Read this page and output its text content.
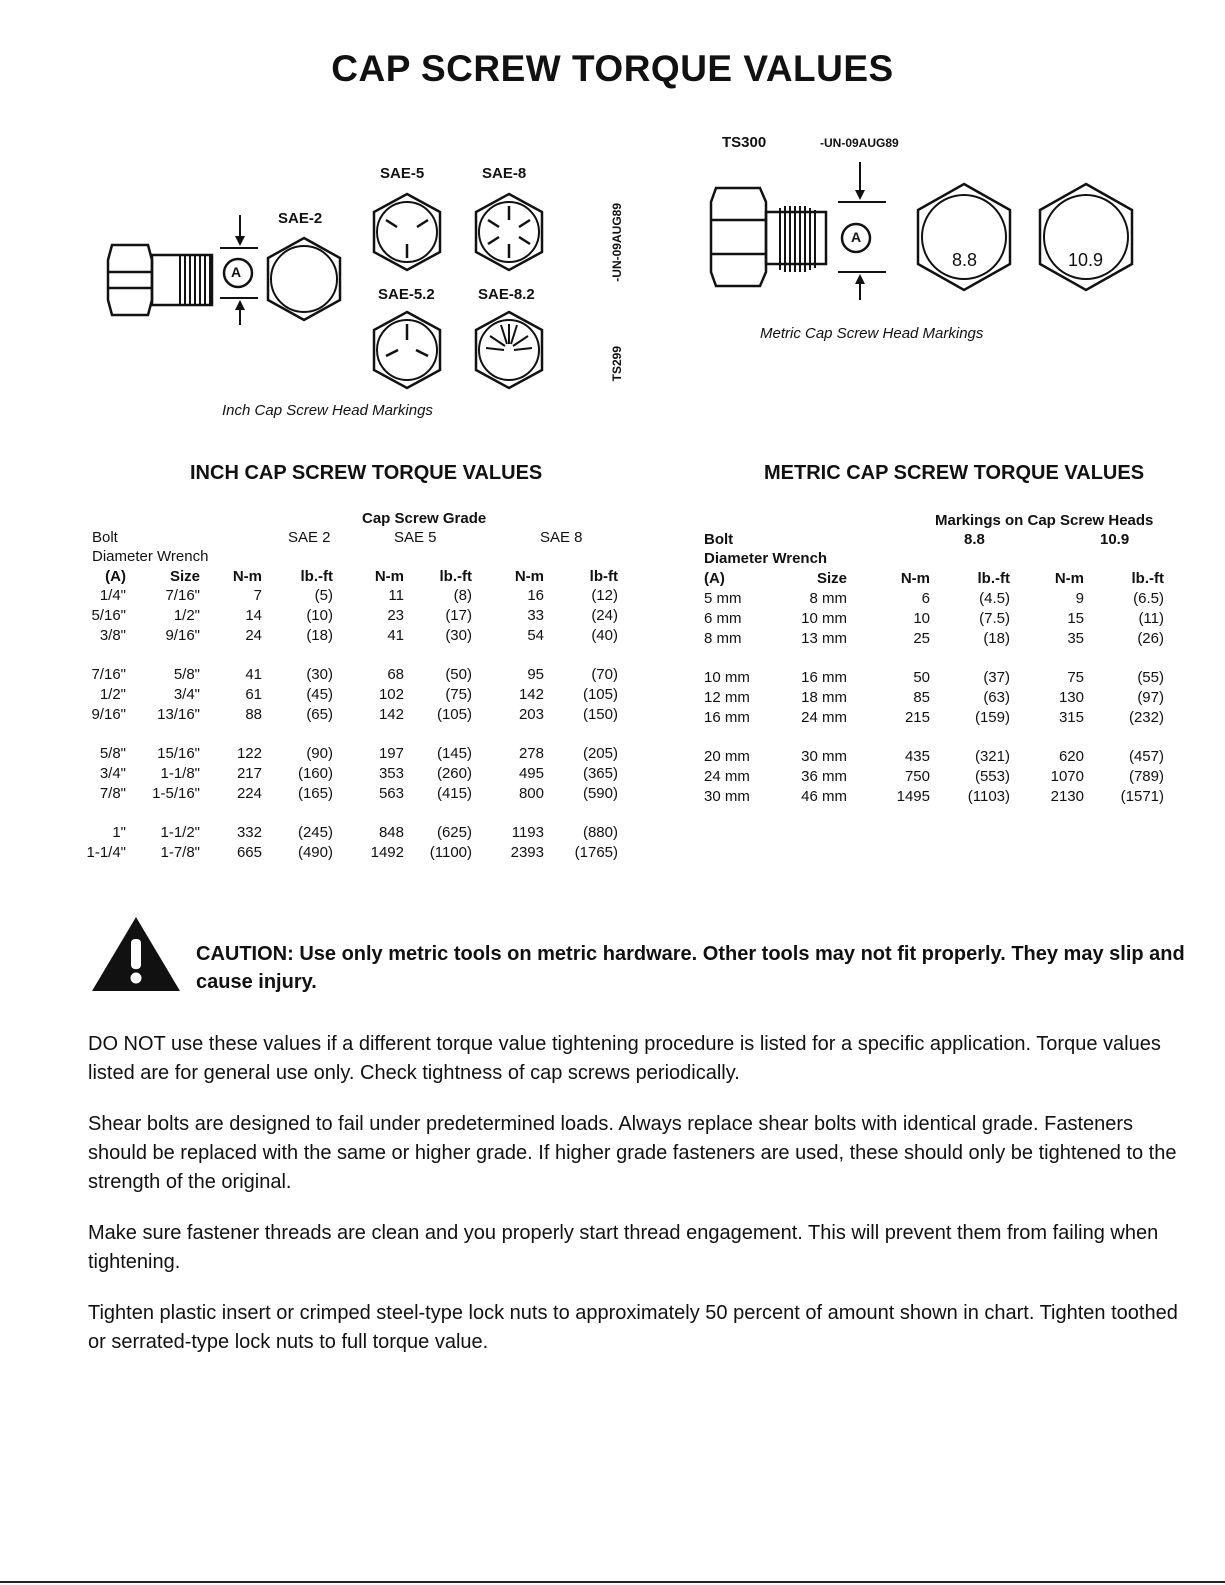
CAP SCREW TORQUE VALUES
A
SAE-2
SAE-5	SAE-8
SAE-5.2	SAE-8.2
Inch Cap Screw Head Markings
-UN-09AUG89
TS299
TS300	-UN-09AUG89
A
8.8	10.9
Metric Cap Screw Head Markings
INCH CAP SCREW TORQUE VALUES
Cap Screw Grade
Bolt	SAE 2	SAE 5	SAE 8
Diameter Wrench
(A)	Size	N-m	lb.-ft	N-m	lb.-ft	N-m	lb-ft
1/4"	7/16"	7	(5)	11	(8)	16	(12)
5/16"	1/2"	14	(10)	23	(17)	33	(24)
3/8"	9/16"	24	(18)	41	(30)	54	(40)
7/16"	5/8"	41	(30)	68	(50)	95	(70)
1/2"	3/4"	61	(45)	102	(75)	142	(105)
9/16"	13/16"	88	(65)	142	(105)	203	(150)
5/8"	15/16"	122	(90)	197	(145)	278	(205)
3/4"	1-1/8"	217	(160)	353	(260)	495	(365)
7/8"	1-5/16"	224	(165)	563	(415)	800	(590)
1"	1-1/2"	332	(245)	848	(625)	1193	(880)
1-1/4"	1-7/8"	665	(490)	1492	(1100)	2393	(1765)
METRIC CAP SCREW TORQUE VALUES
Markings on Cap Screw Heads
Bolt	8.8	10.9
Diameter Wrench
(A)	Size	N-m	lb.-ft	N-m	lb.-ft
5 mm	8 mm	6	(4.5)	9	(6.5)
6 mm	10 mm	10	(7.5)	15	(11)
8 mm	13 mm	25	(18)	35	(26)
10 mm	16 mm	50	(37)	75	(55)
12 mm	18 mm	85	(63)	130	(97)
16 mm	24 mm	215	(159)	315	(232)
20 mm	30 mm	435	(321)	620	(457)
24 mm	36 mm	750	(553)	1070	(789)
30 mm	46 mm	1495	(1103)	2130	(1571)
CAUTION: Use only metric tools on metric hardware. Other tools may not fit properly. They may slip and cause injury.
DO NOT use these values if a different torque value tightening procedure is listed for a specific application. Torque values listed are for general use only. Check tightness of cap screws periodically.
Shear bolts are designed to fail under predetermined loads. Always replace shear bolts with identical grade. Fasteners should be replaced with the same or higher grade. If higher grade fasteners are used, these should only be tightened to the strength of the original.
Make sure fastener threads are clean and you properly start thread engagement. This will prevent them from failing when tightening.
Tighten plastic insert or crimped steel-type lock nuts to approximately 50 percent of amount shown in chart. Tighten toothed or serrated-type lock nuts to full torque value.
